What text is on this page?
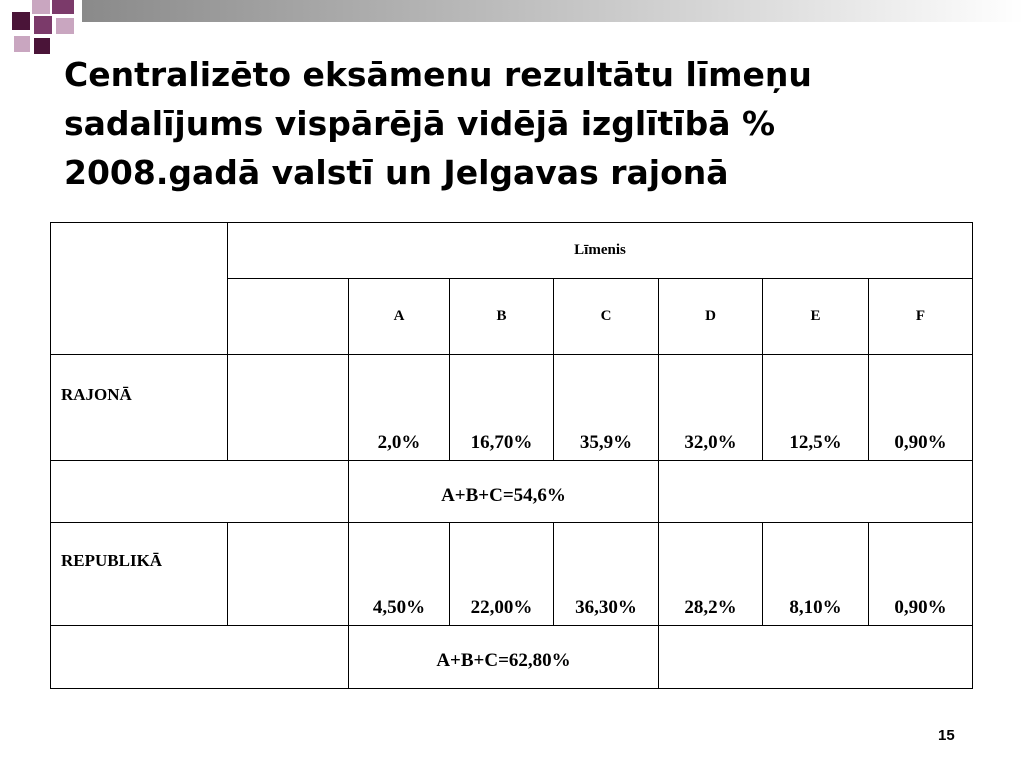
Centralizēto eksāmenu rezultātu līmeņu
sadalījums vispārējā vidējā izglītībā %
2008.gadā valstī un Jelgavas rajonā
	Līmenis						
		A	B	C	D	E	F
RAJONĀ		2,0%	16,70%	35,9%	32,0%	12,5%	0,90%
		A+B+C=54,6%					
REPUBLIKĀ		4,50%	22,00%	36,30%	28,2%	8,10%	0,90%
		A+B+C=62,80%					
15
